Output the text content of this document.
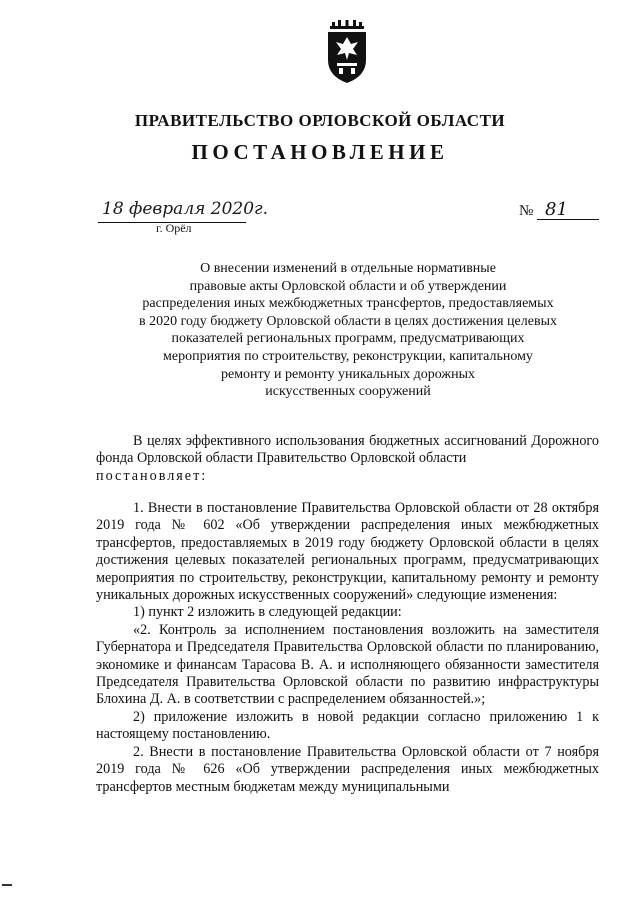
ПРАВИТЕЛЬСТВО ОРЛОВСКОЙ ОБЛАСТИ
ПОСТАНОВЛЕНИЕ
18 февраля 2020г.
г. Орёл
№ 81
О внесении изменений в отдельные нормативные
правовые акты Орловской области и об утверждении
распределения иных межбюджетных трансфертов, предоставляемых
в 2020 году бюджету Орловской области в целях достижения целевых
показателей региональных программ, предусматривающих
мероприятия по строительству, реконструкции, капитальному
ремонту и ремонту уникальных дорожных
искусственных сооружений

В целях эффективного использования бюджетных ассигнований Дорожного фонда Орловской области Правительство Орловской области

постановляет:

1. Внести в постановление Правительства Орловской области от 28 октября 2019 года № 602 «Об утверждении распределения иных межбюджетных трансфертов, предоставляемых в 2019 году бюджету Орловской области в целях достижения целевых показателей региональных программ, предусматривающих мероприятия по строительству, реконструкции, капитальному ремонту и ремонту уникальных дорожных искусственных сооружений» следующие изменения:

1) пункт 2 изложить в следующей редакции:

«2. Контроль за исполнением постановления возложить на заместителя Губернатора и Председателя Правительства Орловской области по планированию, экономике и финансам Тарасова В. А. и исполняющего обязанности заместителя Председателя Правительства Орловской области по развитию инфраструктуры Блохина Д. А. в соответствии с распределением обязанностей.»;

2) приложение изложить в новой редакции согласно приложению 1 к настоящему постановлению.

2. Внести в постановление Правительства Орловской области от 7 ноября 2019 года № 626 «Об утверждении распределения иных межбюджетных трансфертов местным бюджетам между муниципальными
